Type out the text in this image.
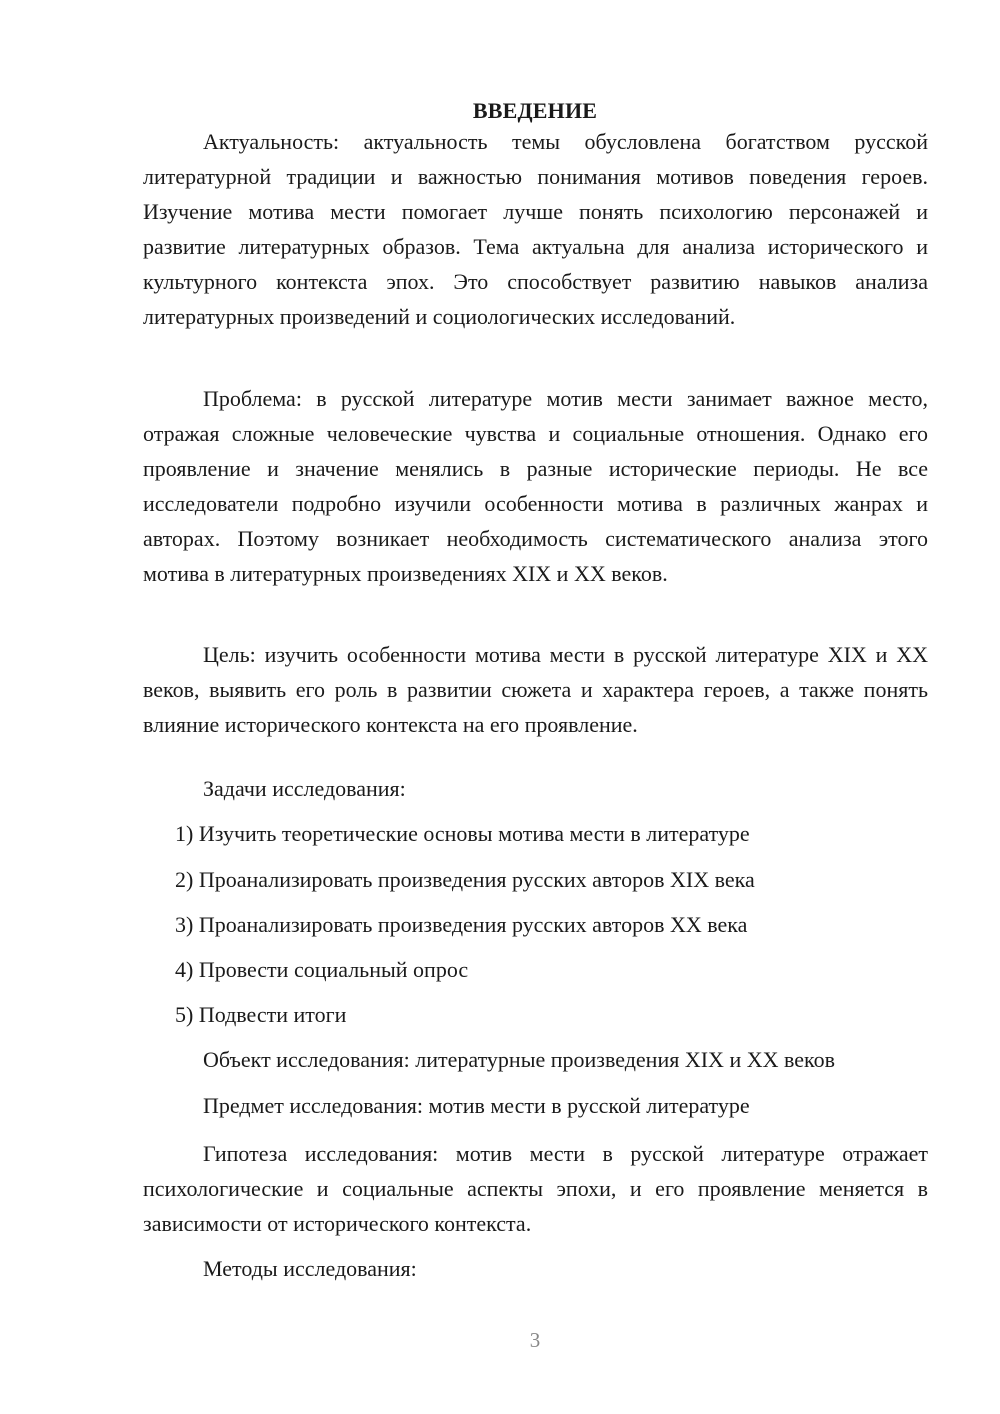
ВВЕДЕНИЕ

Актуальность: актуальность темы обусловлена богатством русской литературной традиции и важностью понимания мотивов поведения героев. Изучение мотива мести помогает лучше понять психологию персонажей и развитие литературных образов. Тема актуальна для анализа исторического и культурного контекста эпох. Это способствует развитию навыков анализа литературных произведений и социологических исследований.

Проблема: в русской литературе мотив мести занимает важное место, отражая сложные человеческие чувства и социальные отношения. Однако его проявление и значение менялись в разные исторические периоды. Не все исследователи подробно изучили особенности мотива в различных жанрах и авторах. Поэтому возникает необходимость систематического анализа этого мотива в литературных произведениях XIX и XX веков.

Цель: изучить особенности мотива мести в русской литературе XIX и XX веков, выявить его роль в развитии сюжета и характера героев, а также понять влияние исторического контекста на его проявление.

Задачи исследования:
1) Изучить теоретические основы мотива мести в литературе
2) Проанализировать произведения русских авторов XIX века
3) Проанализировать произведения русских авторов XX века
4) Провести социальный опрос
5) Подвести итоги
Объект исследования: литературные произведения XIX и XX веков
Предмет исследования: мотив мести в русской литературе

Гипотеза исследования: мотив мести в русской литературе отражает психологические и социальные аспекты эпохи, и его проявление меняется в зависимости от исторического контекста.

Методы исследования:
3
